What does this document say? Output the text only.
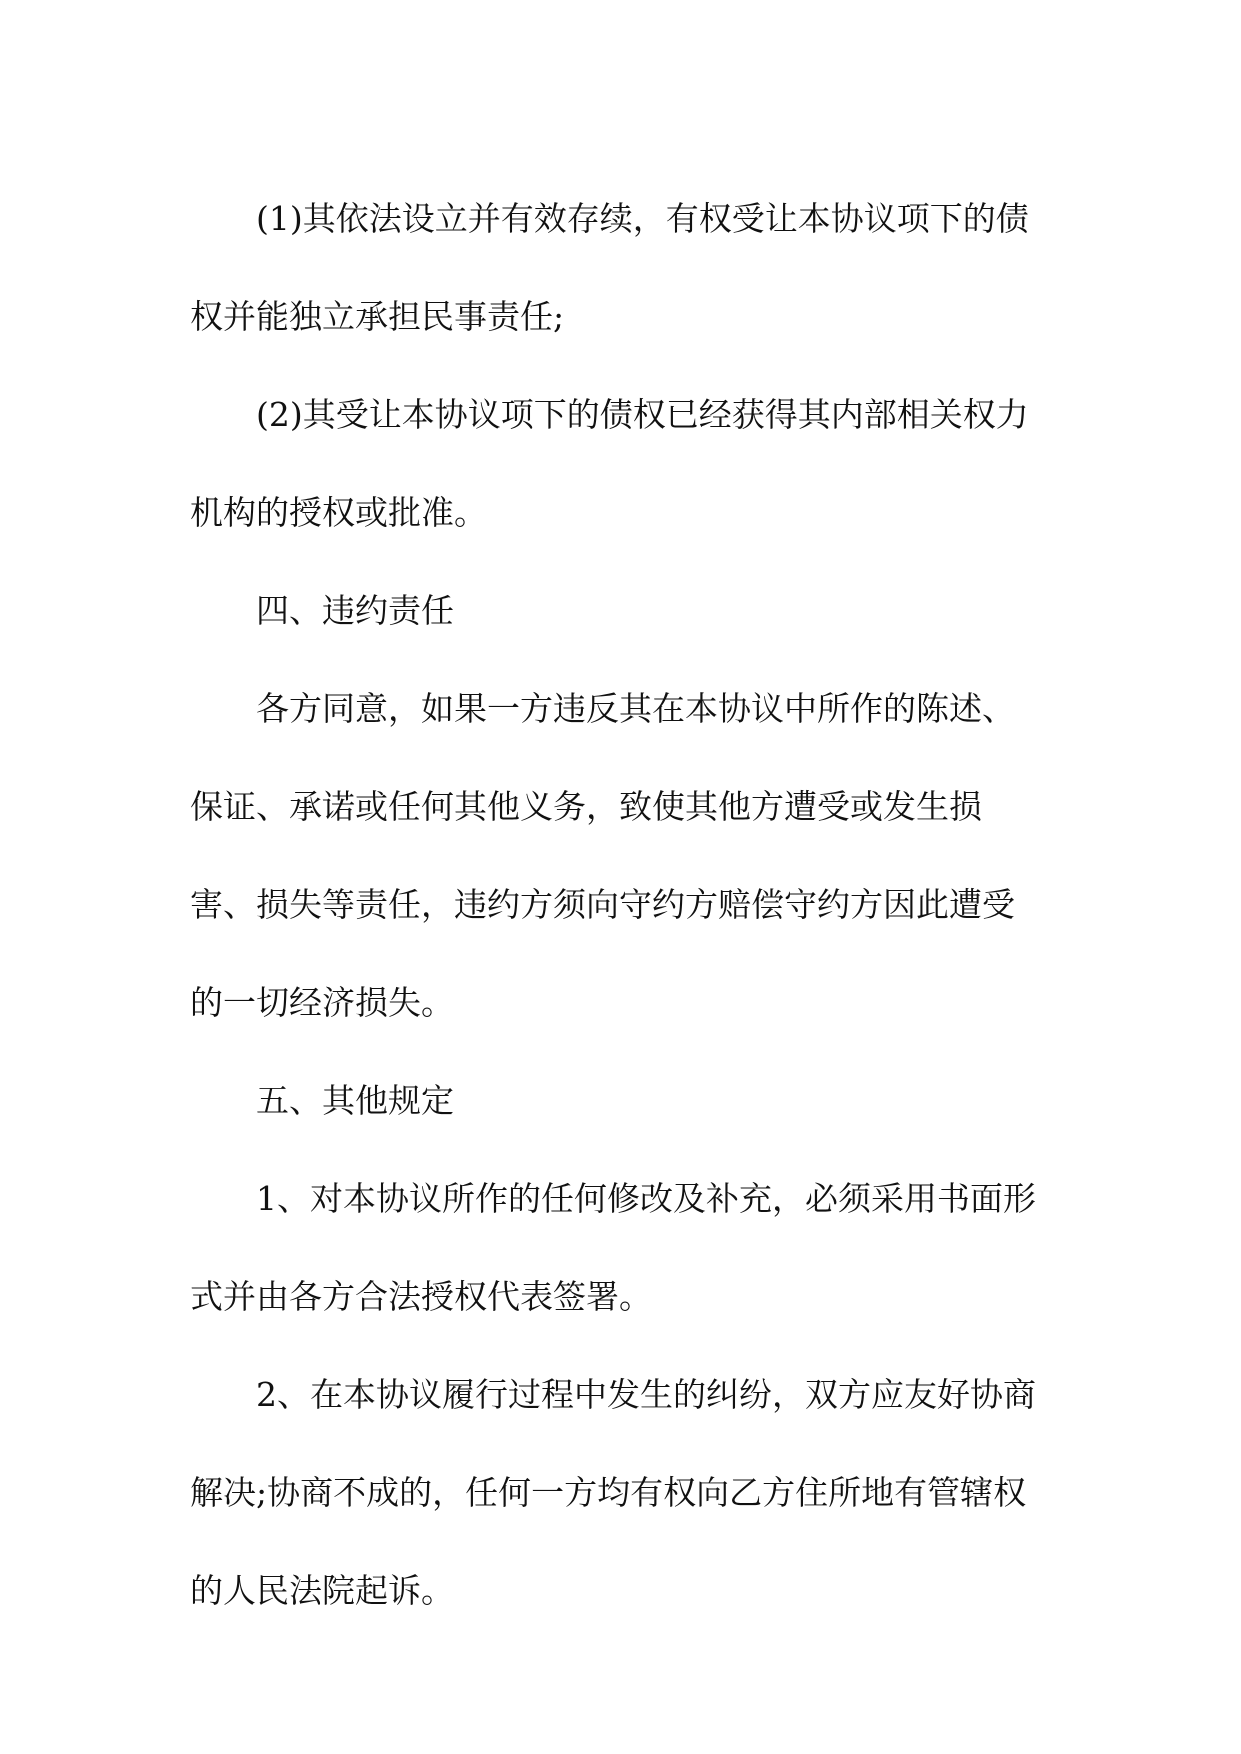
(1)其依法设立并有效存续，有权受让本协议项下的债
权并能独立承担民事责任;
(2)其受让本协议项下的债权已经获得其内部相关权力
机构的授权或批准。
四、违约责任
各方同意，如果一方违反其在本协议中所作的陈述、
保证、承诺或任何其他义务，致使其他方遭受或发生损
害、损失等责任，违约方须向守约方赔偿守约方因此遭受
的一切经济损失。
五、其他规定
1、对本协议所作的任何修改及补充，必须采用书面形
式并由各方合法授权代表签署。
2、在本协议履行过程中发生的纠纷，双方应友好协商
解决;协商不成的，任何一方均有权向乙方住所地有管辖权
的人民法院起诉。
